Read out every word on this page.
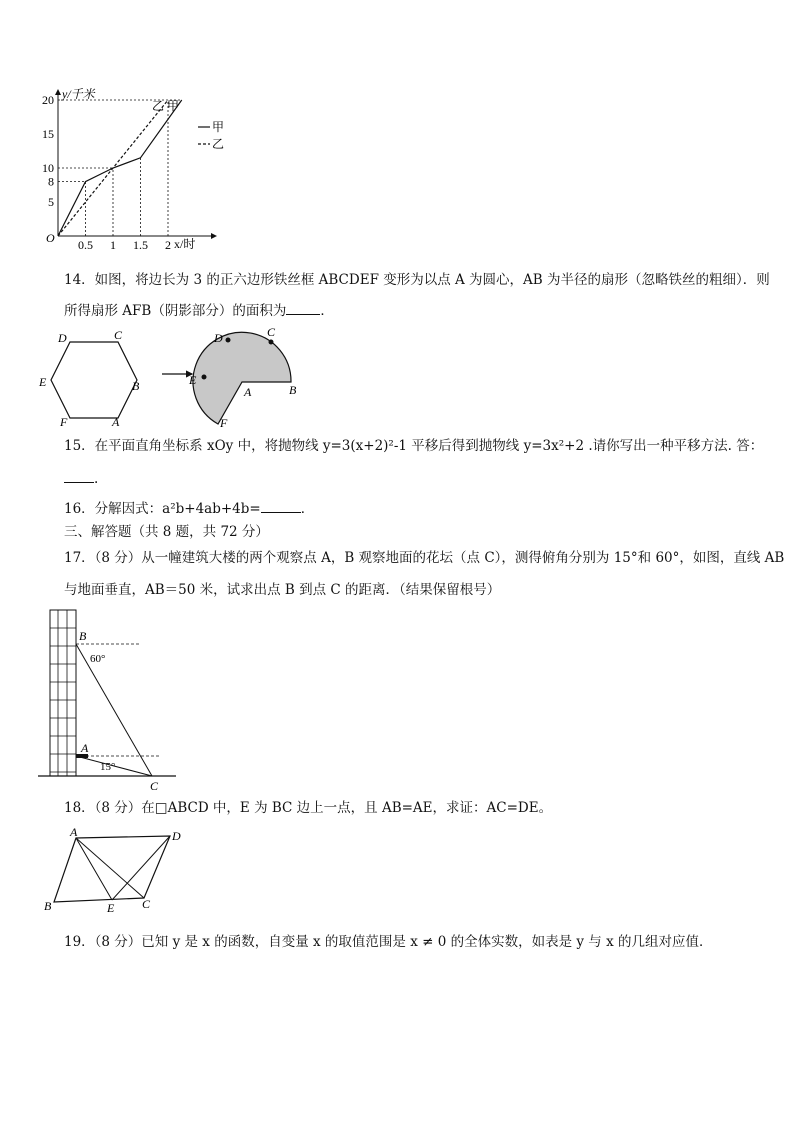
20
15
10
8
5
0.5 1 1.5 2
y/千米
x/时
O
乙 甲
甲
乙
14．如图，将边长为 3 的正六边形铁丝框 ABCDEF 变形为以点 A 为圆心，AB 为半径的扇形（忽略铁丝的粗细）．则
所得扇形 AFB（阴影部分）的面积为	．
D	C
E	B
F	A
D	C
E
A	B
F
15．在平面直角坐标系 xOy 中，将抛物线 y=3(x+2)²-1 平移后得到抛物线 y=3x²+2 .请你写出一种平移方法. 答：
.
16．分解因式：a²b+4ab+4b=	．
三、解答题（共 8 题，共 72 分）
17．（8 分）从一幢建筑大楼的两个观察点 A，B 观察地面的花坛（点 C），测得俯角分别为 15°和 60°，如图，直线 AB
与地面垂直，AB＝50 米，试求出点 B 到点 C 的距离．（结果保留根号）
B
A
C
60°
15°
18．（8 分）在□ABCD 中，E 为 BC 边上一点，且 AB=AE，求证：AC=DE。
A	D
B	E C
19．（8 分）已知 y 是 x 的函数，自变量 x 的取值范围是 x ≠ 0 的全体实数，如表是 y 与 x 的几组对应值．
